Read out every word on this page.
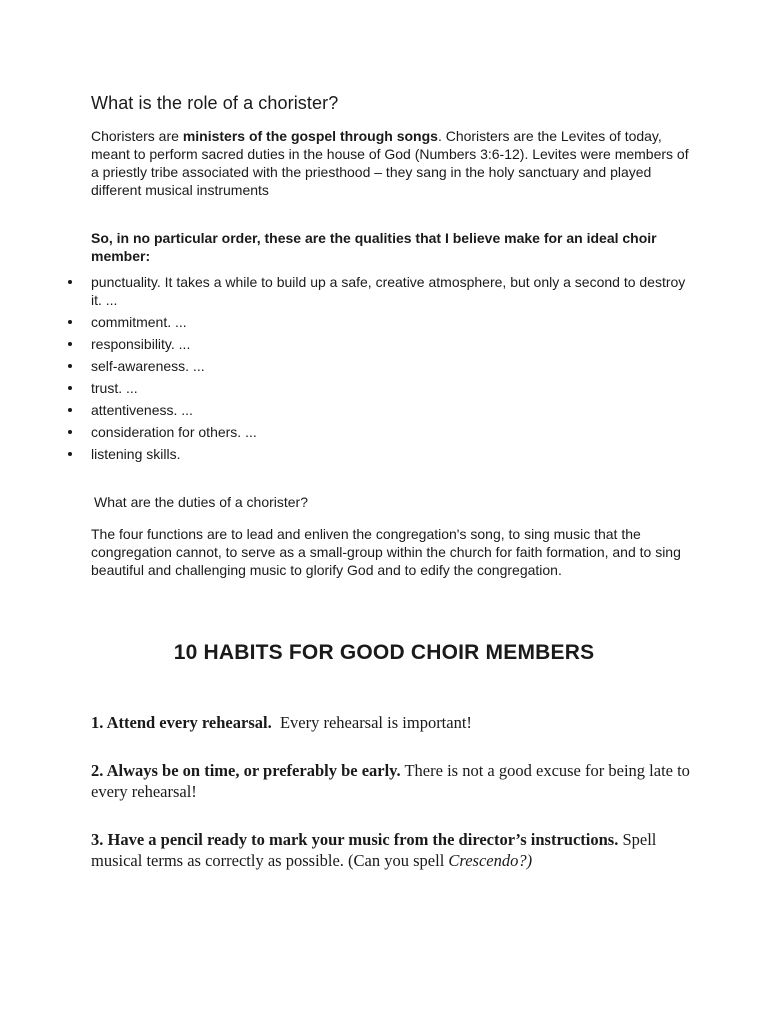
What is the role of a chorister?

Choristers are ministers of the gospel through songs. Choristers are the Levites of today, meant to perform sacred duties in the house of God (Numbers 3:6-12). Levites were members of a priestly tribe associated with the priesthood – they sang in the holy sanctuary and played different musical instruments

So, in no particular order, these are the qualities that I believe make for an ideal choir member:

punctuality. It takes a while to build up a safe, creative atmosphere, but only a second to destroy it. ...
commitment. ...
responsibility. ...
self-awareness. ...
trust. ...
attentiveness. ...
consideration for others. ...
listening skills.
What are the duties of a chorister?

The four functions are to lead and enliven the congregation's song, to sing music that the congregation cannot, to serve as a small-group within the church for faith formation, and to sing beautiful and challenging music to glorify God and to edify the congregation.

10 HABITS FOR GOOD CHOIR MEMBERS

1. Attend every rehearsal.  Every rehearsal is important!

2. Always be on time, or preferably be early. There is not a good excuse for being late to every rehearsal!

3. Have a pencil ready to mark your music from the director’s instructions. Spell musical terms as correctly as possible. (Can you spell Crescendo?)
